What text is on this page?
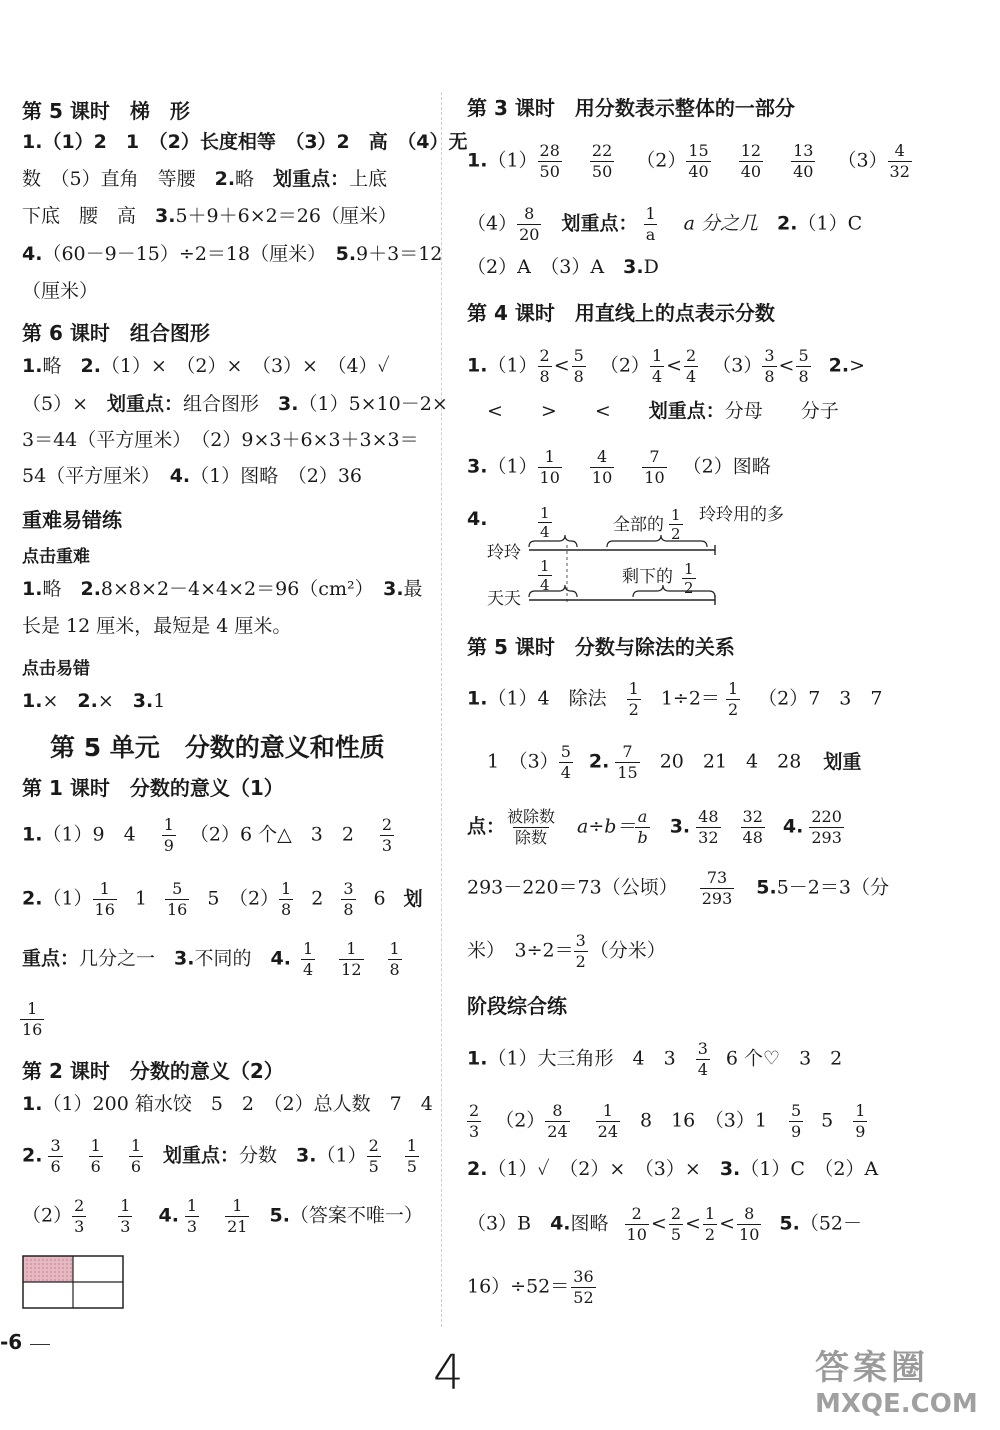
第 5 课时　梯　形
1.（1）2　1　（2）长度相等　（3）2　高　（4）无
数　（5）直角　等腰　2.略　划重点：上底
下底　腰　高　3.5＋9＋6×2＝26（厘米）
4.（60－9－15）÷2＝18（厘米）　5.9＋3＝12
（厘米）
第 6 课时　组合图形
1.略　2.（1）×　（2）×　（3）×　（4）✓
（5）×　划重点：组合图形　3.（1）5×10－2×
3＝44（平方厘米）　（2）9×3＋6×3＋3×3＝
54（平方厘米）　4.（1）图略　（2）36
重难易错练
点击重难
1.略　2.8×8×2－4×4×2＝96（cm²）　3.最
长是 12 厘米，最短是 4 厘米。
点击易错
1.×　2.×　3.1
第 5 单元　分数的意义和性质
第 1 课时　分数的意义（1）
1.（1）9　$4 \frac{1}{9} (2)6$ 个△　3　$2 \frac{2}{3}$
$2.(1) \frac{1}{16} 1 \frac{5}{16} 5$　$(2) \frac{1}{8} 2 \frac{3}{8} 6$ 划
重点：几分之一　3.不同的　4. $\frac{1}{4} \frac{1}{12} \frac{1}{8}$
$\frac{1}{16}$
第 2 课时　分数的意义（2）
1.（1）200 箱水饺　5　2　（2）总人数　7　4
2. $\frac{3}{6} \frac{1}{6} \frac{1}{6}$ 划重点：分数　$3.(1) \frac{2}{5} \frac{1}{5}$
$(2) \frac{2}{3} \frac{1}{3} 4$. $\frac{1}{3} \frac{1}{21} 5$.（答案不唯一）
-6
第 3 课时　用分数表示整体的一部分
$1.(1) \frac{28}{50} \frac{22}{50} (2) \frac{15}{40} \frac{12}{40} \frac{13}{40} (3) \frac{4}{32}$
$(4) \frac{8}{20}$ 划重点： $\frac{1}{a}$ a 分之几　2.（1）C
（2）A　（3）A　3.D
第 4 课时　用直线上的点表示分数
$1.(1) \frac{2}{8} < \frac{5}{8} (2) \frac{1}{4} < \frac{2}{4} (3) \frac{3}{8} < \frac{5}{8} 2.>$
<　　>　　<　　划重点：分母　　分子
$3.(1) \frac{1}{10} \frac{4}{10} \frac{7}{10} (2)$图略
4.	$\frac{1}{4}$	全部的 $\frac{1}{2}$ 玲玲用的多
玲玲
$\frac{1}{4}$	剩下的 $\frac{1}{2}$
天天
第 5 课时　分数与除法的关系
1.（1）4　除法 $\frac{1}{2} 1\div 2= \frac{1}{2} (2)7$　3　7
1　$(3) \frac{5}{4} 2$. $\frac{7}{15} 20$　21　4　28 划重
点： $\frac{\text{被除数}}{\text{除数}} a\div b= \frac{a}{b} 3$. $\frac{48}{32} \frac{32}{48} 4$. $\frac{220}{293}$
293－220＝73（公顷） $\frac{73}{293} 5.5-2=3$（分
米）　$3\div 2= \frac{3}{2}$ （分米）
阶段综合练
1.（1）大三角形　4　$3 \frac{3}{4} 6$ 个♡　3　2
$\frac{2}{3} (2) \frac{8}{24} \frac{1}{24} 8$　16　$(3)1 \frac{5}{9} 5 \frac{1}{9}$
2.（1）✓　（2）×　（3）×　3.（1）C　（2）A
（3）B　4.图略 $\frac{2}{10} < \frac{2}{5} < \frac{1}{2} < \frac{8}{10} 5.(52-$
$16)\div 52= \frac{36}{52}$
4	答案圈
MXQE.COM
